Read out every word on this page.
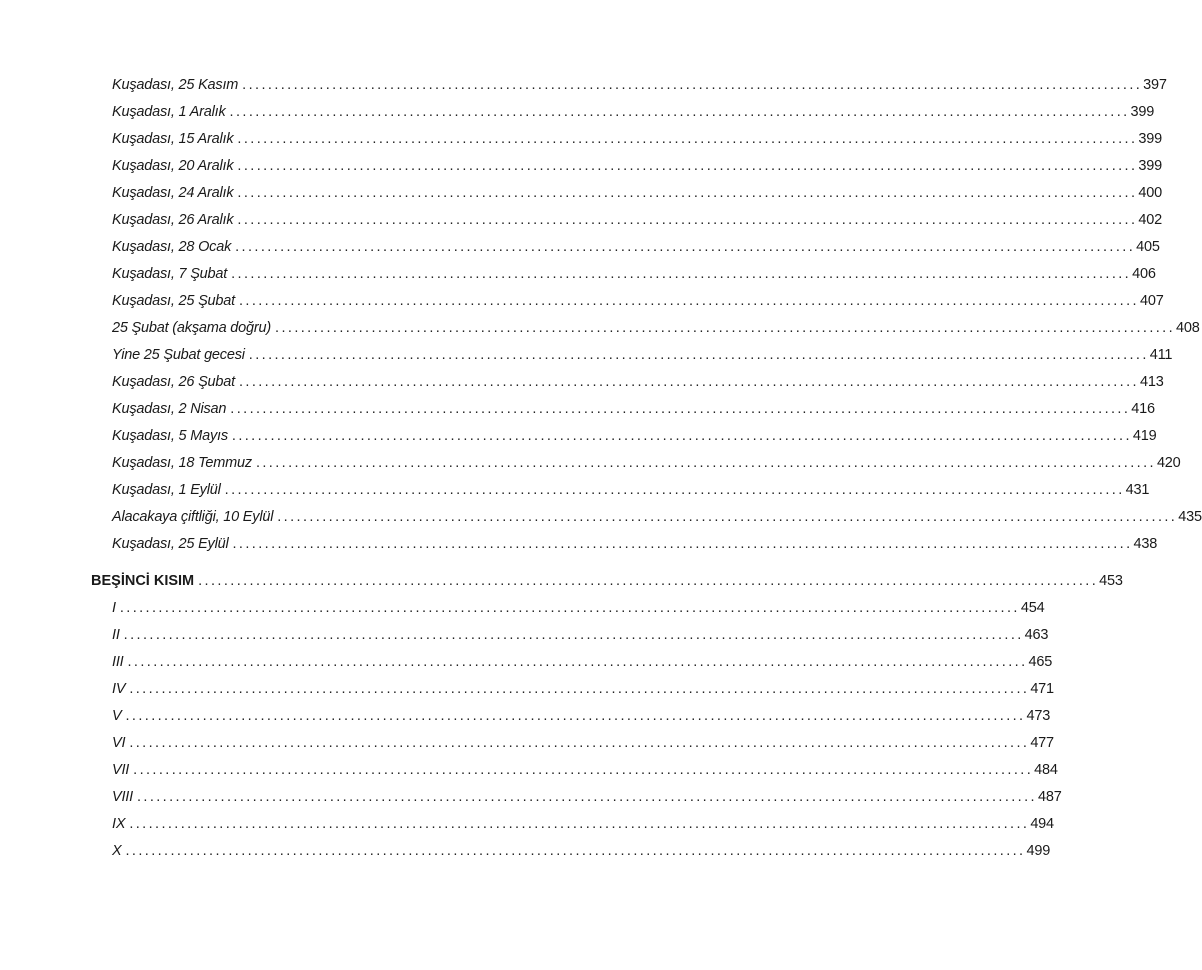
Kuşadası, 25 Kasım ............................................................................................................................................ 397
Kuşadası, 1 Aralık ............................................................................................................................................ 399
Kuşadası, 15 Aralık ............................................................................................................................................ 399
Kuşadası, 20 Aralık ............................................................................................................................................ 399
Kuşadası, 24 Aralık ............................................................................................................................................ 400
Kuşadası, 26 Aralık ............................................................................................................................................ 402
Kuşadası, 28 Ocak ............................................................................................................................................ 405
Kuşadası, 7 Şubat ............................................................................................................................................ 406
Kuşadası, 25 Şubat ............................................................................................................................................ 407
25 Şubat (akşama doğru) ............................................................................................................................................ 408
Yine 25 Şubat gecesi ............................................................................................................................................ 411
Kuşadası, 26 Şubat ............................................................................................................................................ 413
Kuşadası, 2 Nisan ............................................................................................................................................ 416
Kuşadası, 5 Mayıs ............................................................................................................................................ 419
Kuşadası, 18 Temmuz ............................................................................................................................................ 420
Kuşadası, 1 Eylül ............................................................................................................................................ 431
Alacakaya çiftliği, 10 Eylül ............................................................................................................................................ 435
Kuşadası, 25 Eylül ............................................................................................................................................ 438
BEŞİNCİ KISIM ............................................................................................................................................ 453
I ............................................................................................................................................ 454
II ............................................................................................................................................ 463
III ............................................................................................................................................ 465
IV ............................................................................................................................................ 471
V ............................................................................................................................................ 473
VI ............................................................................................................................................ 477
VII ............................................................................................................................................ 484
VIII ............................................................................................................................................ 487
IX ............................................................................................................................................ 494
X ............................................................................................................................................ 499
